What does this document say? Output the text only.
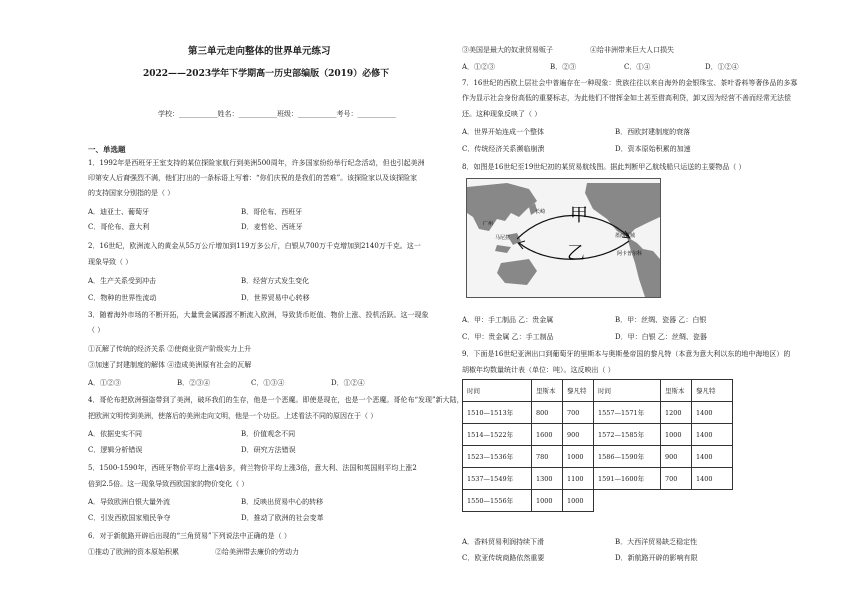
第三单元走向整体的世界单元练习
2022——2023学年下学期高一历史部编版（2019）必修下
学校：___________姓名：___________班级：___________考号：___________
一、单选题
1．1992年是西班牙王室支持的某位探险家航行到美洲500周年，许多国家纷纷举行纪念活动，但也引起美洲
印第安人后裔强烈不满，他们打出的一条标语上写着：“你们庆祝的是我们的苦难”。该探险家以及该探险家
的支持国家分别指的是（ ）
A．迪亚士、葡萄牙	B．哥伦布、西班牙
C．哥伦布、意大利	D．麦哲伦、西班牙
2．16世纪，欧洲流入的黄金从55万公斤增加到119万多公斤，白银从700万千克增加到2140万千克。这一
现象导致（ ）
A．生产关系受到冲击	B．经营方式发生变化
C．物种的世界性流动	D．世界贸易中心转移
3．随着海外市场的不断开拓，大量贵金属源源不断流入欧洲，导致货币贬值、物价上涨、投机活跃。这一现象
（ ）
①瓦解了传统的经济关系 ②使商业资产阶级实力上升
③加速了封建制度的解体 ④造成美洲原有社会的瓦解
A．①②③	B．②③④	C．①③④	D．①②④
4．哥伦布把欧洲强盗带到了美洲，破坏我们的生存，他是一个恶魔。即使是现在，也是一个恶魔。哥伦布“发现”新大陆，
把欧洲文明传到美洲，使落后的美洲走向文明，他是一个功臣。上述看法不同的原因在于（ ）
A．依据史实不同	B．价值观念不同
C．逻辑分析错误	D．研究方法错误
5．1500-1590年，西班牙物价平均上涨4倍多，荷兰物价平均上涨3倍，意大利、法国和英国则平均上涨2
倍到2.5倍。这一现象导致西欧国家的物价变化（ ）
A．导致欧洲白银大量外流	B．反映出贸易中心的转移
C．引发西欧国家殖民争夺	D．推动了欧洲的社会变革
6．对于新航路开辟后出现的“三角贸易”下列说法中正确的是（ ）
①推动了欧洲的资本原始积累	②给美洲带去廉价的劳动力
③美国是最大的奴隶贸易贩子	④给非洲带来巨大人口损失
A．①②③	B．②③	C．①④	D．①②④
7．16世纪的西欧上层社会中普遍存在一种现象：贵族往往以来自海外的金银珠宝、茶叶香料等奢侈品的多寡
作为显示社会身份高低的重要标志，为此他们不惜挥金如土甚至借高利贷，卸又因为经营不善而经常无法偿
还。这种现象反映了（ ）
A．世界开始连成一个整体	B．西欧封建制度的衰落
C．传统经济关系濒临崩溃	D．资本原始积累的加速
8．如图是16世纪至19世纪初的某贸易航线图。据此判断甲乙航线船只运送的主要物品（ ）
甲
乙
长崎
墨西哥城
阿卡普尔科
马尼拉
广州
A．甲：手工制品 乙：贵金属	B．甲：丝绸、瓷器 乙：白银
C．甲：贵金属 乙：手工制品	D．甲：白银 乙：丝绸、瓷器
9．下面是16世纪亚洲出口到葡萄牙的里斯本与奥斯曼帝国的黎凡特（本意为意大利以东的地中海地区）的
胡椒年均数量统计表（单位：吨）。这反映出（ ）
时间	里斯本	黎凡特	时间	里斯本	黎凡特
1510—1513年	800	700	1557—1571年	1200	1400
1514—1522年	1600	900	1572—1585年	1000	1400
1523—1536年	780	1000	1586—1590年	900	1400
1537—1549年	1300	1100	1591—1600年	700	1400
1550—1556年	1000	1000			
A．香料贸易利润持续下滑	B．大西洋贸易缺乏稳定性
C．欧亚传统商路依然重要	D．新航路开辟的影响有限
